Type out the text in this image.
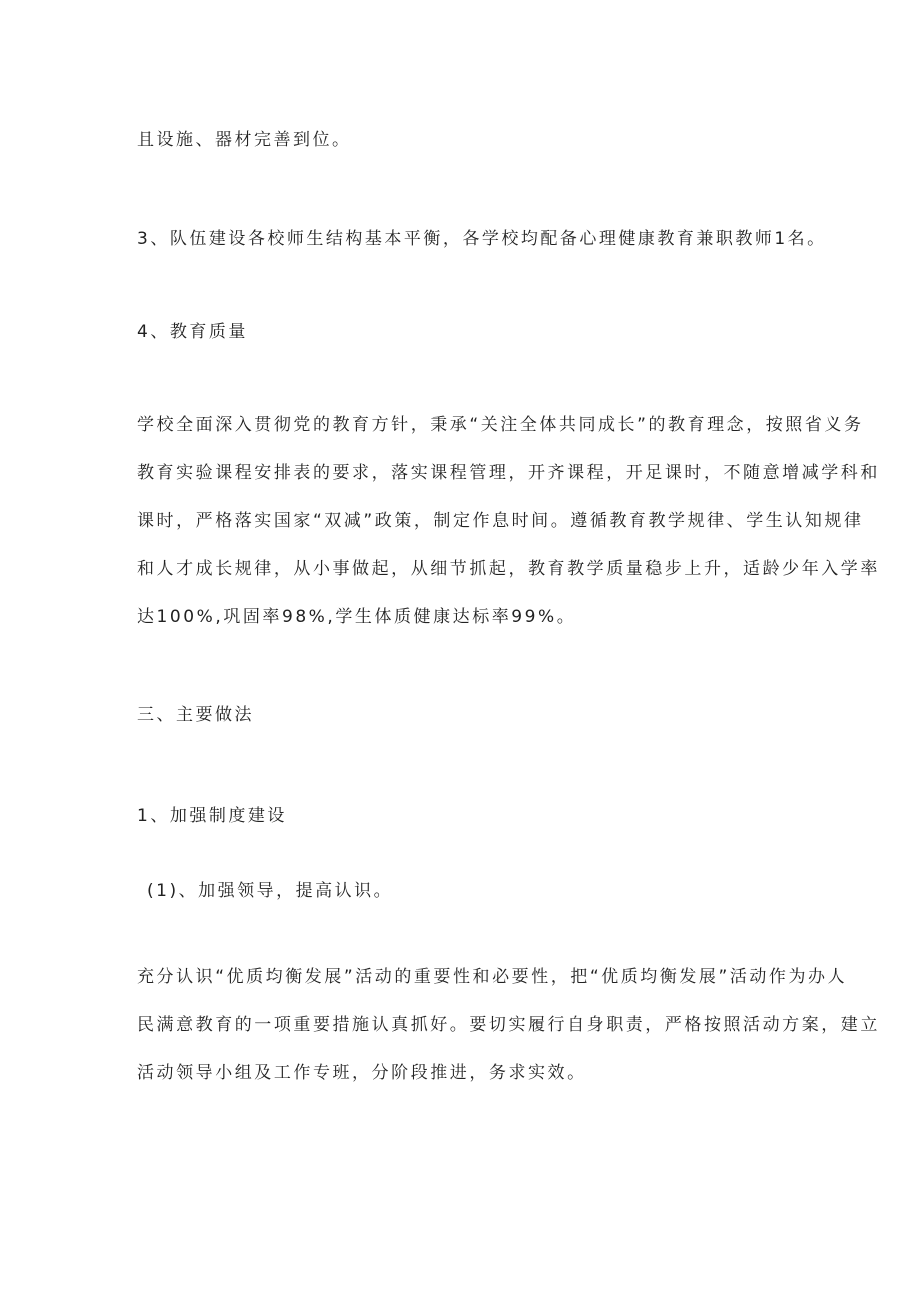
且设施、器材完善到位。

3、队伍建设各校师生结构基本平衡，各学校均配备心理健康教育兼职教师1名。

4、教育质量

学校全面深入贯彻党的教育方针，秉承“关注全体共同成长”的教育理念，按照省义务
教育实验课程安排表的要求，落实课程管理，开齐课程，开足课时，不随意增减学科和
课时，严格落实国家“双减”政策，制定作息时间。遵循教育教学规律、学生认知规律
和人才成长规律，从小事做起，从细节抓起，教育教学质量稳步上升，适龄少年入学率
达100%,巩固率98%,学生体质健康达标率99%。

三、主要做法

1、加强制度建设

(1)、加强领导，提高认识。

充分认识“优质均衡发展”活动的重要性和必要性，把“优质均衡发展”活动作为办人
民满意教育的一项重要措施认真抓好。要切实履行自身职责，严格按照活动方案，建立
活动领导小组及工作专班，分阶段推进，务求实效。
